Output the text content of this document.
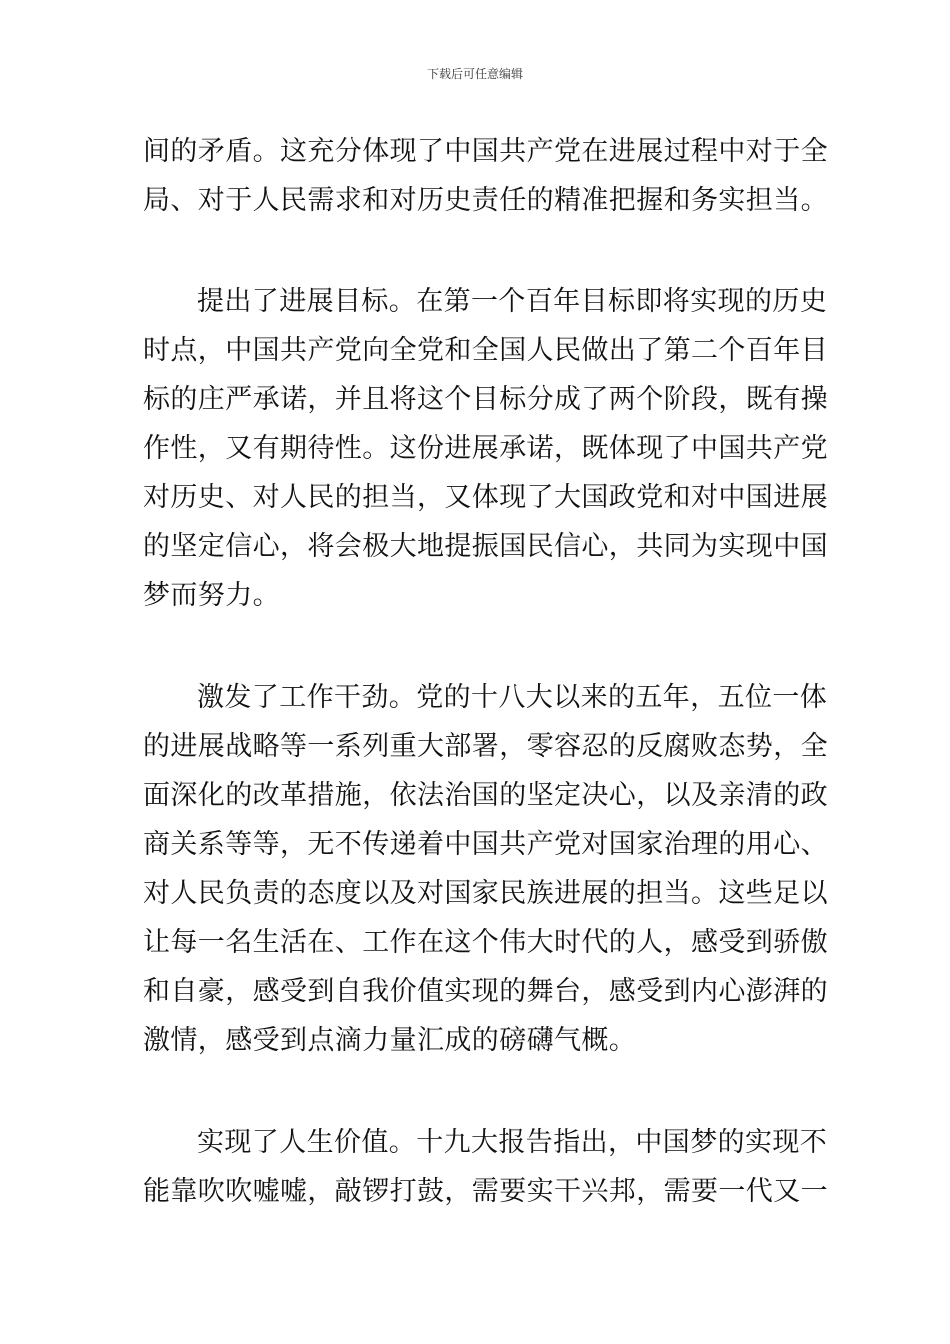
下载后可任意编辑
间的矛盾。这充分体现了中国共产党在进展过程中对于全
局、对于人民需求和对历史责任的精准把握和务实担当。
提出了进展目标。在第一个百年目标即将实现的历史
时点，中国共产党向全党和全国人民做出了第二个百年目
标的庄严承诺，并且将这个目标分成了两个阶段，既有操
作性，又有期待性。这份进展承诺，既体现了中国共产党
对历史、对人民的担当，又体现了大国政党和对中国进展
的坚定信心，将会极大地提振国民信心，共同为实现中国
梦而努力。
激发了工作干劲。党的十八大以来的五年，五位一体
的进展战略等一系列重大部署，零容忍的反腐败态势，全
面深化的改革措施，依法治国的坚定决心，以及亲清的政
商关系等等，无不传递着中国共产党对国家治理的用心、
对人民负责的态度以及对国家民族进展的担当。这些足以
让每一名生活在、工作在这个伟大时代的人，感受到骄傲
和自豪，感受到自我价值实现的舞台，感受到内心澎湃的
激情，感受到点滴力量汇成的磅礴气概。
实现了人生价值。十九大报告指出，中国梦的实现不
能靠吹吹嘘嘘，敲锣打鼓，需要实干兴邦，需要一代又一
